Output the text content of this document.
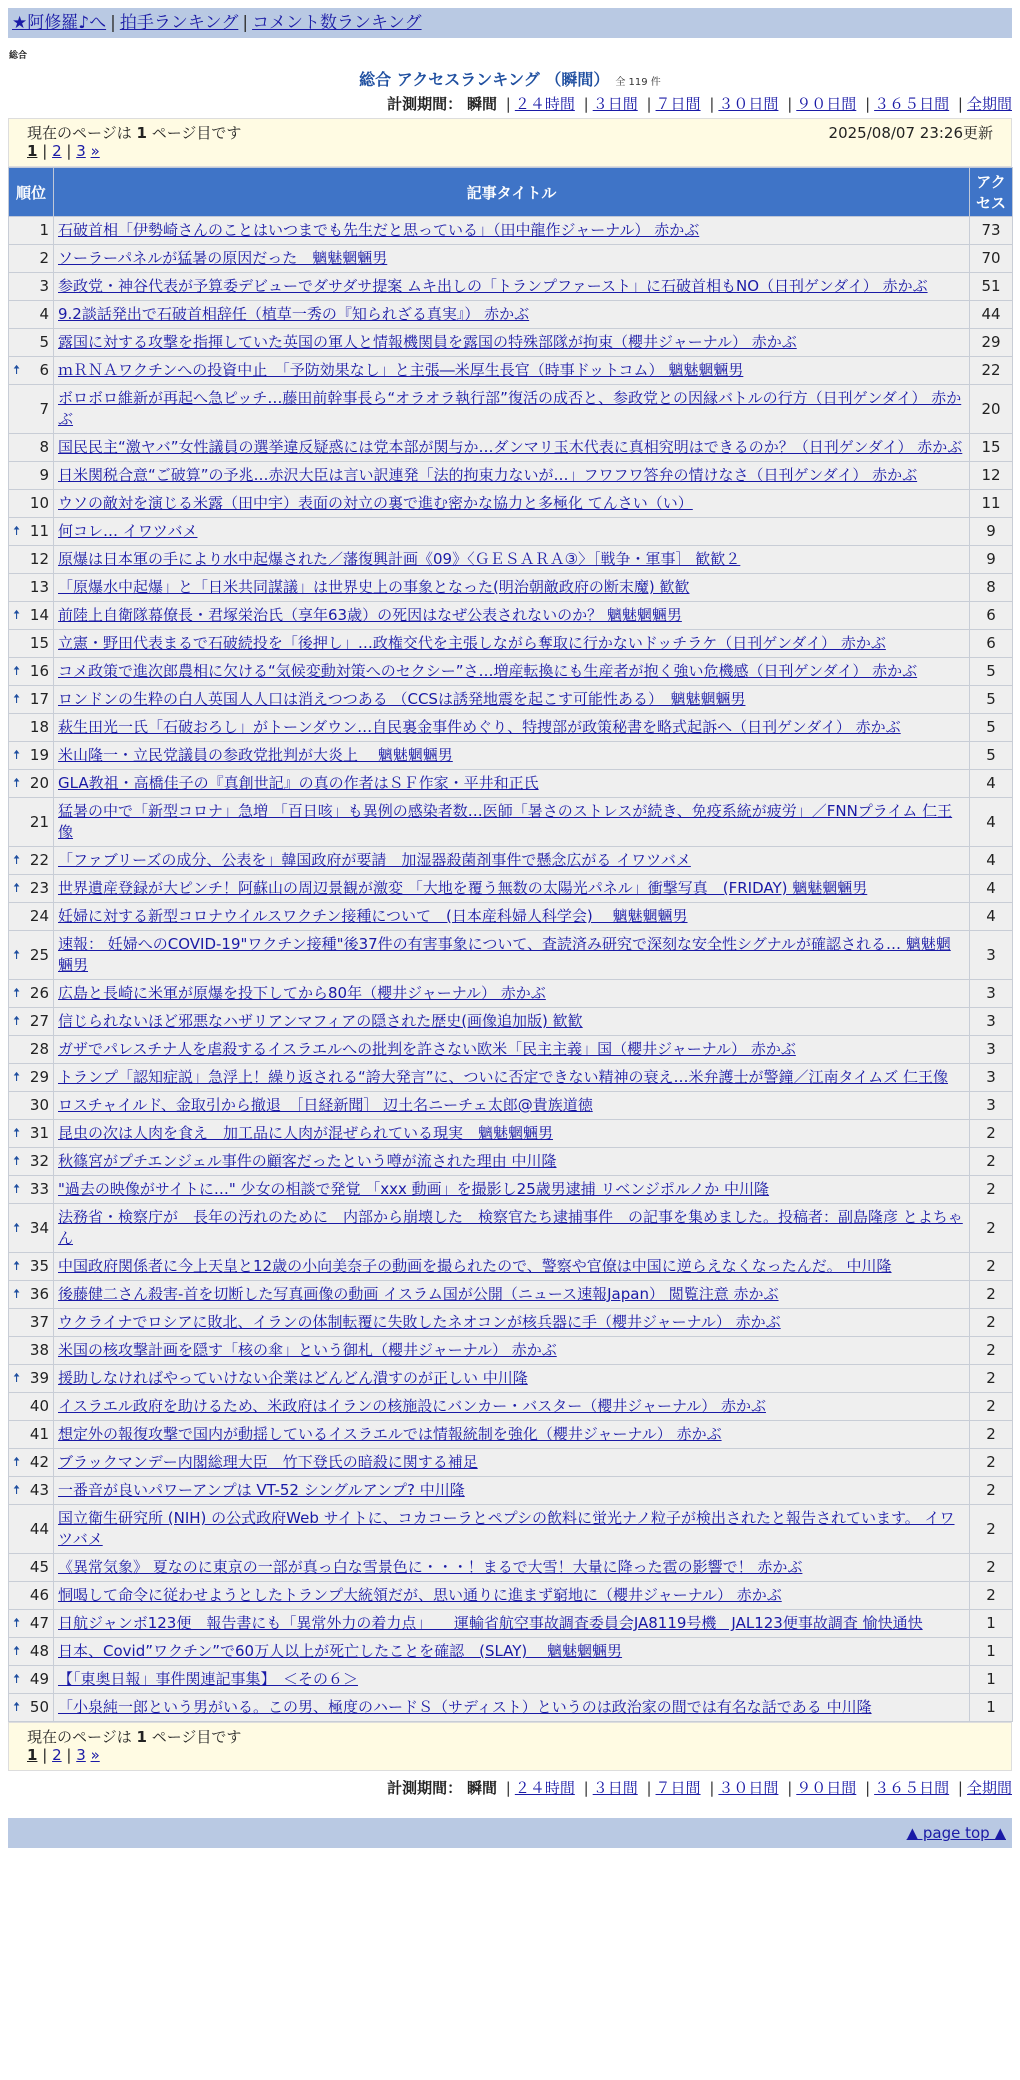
★阿修羅♪へ | 拍手ランキング | コメント数ランキング
総合
総合 アクセスランキング （瞬間） 全 119 件
計測期間： 瞬間 | ２４時間 | ３日間 | ７日間 | ３０日間 | ９０日間 | ３６５日間 | 全期間
現在のページは 1 ページ目です	2025/08/07 23:26更新
1 | 2 | 3 »
順位	記事タイトル	アクセス
1	石破首相「伊勢崎さんのことはいつまでも先生だと思っている」（田中龍作ジャーナル） 赤かぶ	73
2	ソーラーパネルが猛暑の原因だった　魑魅魍魎男	70
3	参政党・神谷代表が予算委デビューでダサダサ提案 ムキ出しの「トランプファースト」に石破首相もNO（日刊ゲンダイ） 赤かぶ	51
4	9.2談話発出で石破首相辞任（植草一秀の『知られざる真実』） 赤かぶ	44
5	露国に対する攻撃を指揮していた英国の軍人と情報機関員を露国の特殊部隊が拘束（櫻井ジャーナル） 赤かぶ	29

🠅 6	ｍＲＮＡワクチンへの投資中止　「予防効果なし」と主張―米厚生長官（時事ドットコム） 魑魅魍魎男	22
7	ボロボロ維新が再起へ急ピッチ…藤田前幹事長ら“オラオラ執行部”復活の成否と、参政党との因縁バトルの行方（日刊ゲンダイ） 赤かぶ	20
8	国民民主“激ヤバ”女性議員の選挙違反疑惑には党本部が関与か…ダンマリ玉木代表に真相究明はできるのか？（日刊ゲンダイ） 赤かぶ	15
9	日米関税合意“ご破算”の予兆…赤沢大臣は言い訳連発「法的拘束力ないが…」フワフワ答弁の情けなさ（日刊ゲンダイ） 赤かぶ	12
10	ウソの敵対を演じる米露（田中宇）表面の対立の裏で進む密かな協力と多極化 てんさい（い）	11

🠅 11	何コレ… イワツバメ	9
12	原爆は日本軍の手により水中起爆された／藩復興計画《09》〈ＧＥＳＡＲＡ③〉［戦争・軍事］ 歓歓２	9
13	「原爆水中起爆」と「日米共同謀議」は世界史上の事象となった(明治朝敵政府の断末魔) 歓歓	8

🠅 14	前陸上自衛隊幕僚長・君塚栄治氏（享年63歳）の死因はなぜ公表されないのか？ 魑魅魍魎男	6
15	立憲・野田代表まるで石破続投を「後押し」…政権交代を主張しながら奪取に行かないドッチラケ（日刊ゲンダイ） 赤かぶ	6

🠅 16	コメ政策で進次郎農相に欠ける“気候変動対策へのセクシー”さ…増産転換にも生産者が抱く強い危機感（日刊ゲンダイ） 赤かぶ	5

🠅 17	ロンドンの生粋の白人英国人人口は消えつつある （CCSは誘発地震を起こす可能性ある）　魑魅魍魎男	5
18	萩生田光一氏「石破おろし」がトーンダウン…自民裏金事件めぐり、特捜部が政策秘書を略式起訴へ（日刊ゲンダイ） 赤かぶ	5

🠅 19	米山隆一・立民党議員の参政党批判が大炎上　 魑魅魍魎男	5

🠅 20	GLA教祖・高橋佳子の『真創世記』の真の作者はＳＦ作家・平井和正氏	4
21	猛暑の中で「新型コロナ」急増 「百日咳」も異例の感染者数…医師「暑さのストレスが続き、免疫系統が疲労」／FNNプライム 仁王像	4

🠅 22	「ファブリーズの成分、公表を」韓国政府が要請　加湿器殺菌剤事件で懸念広がる イワツバメ	4

🠅 23	世界遺産登録が大ピンチ！阿蘇山の周辺景観が激変 「大地を覆う無数の太陽光パネル」衝撃写真　(FRIDAY) 魑魅魍魎男	4
24	妊婦に対する新型コロナウイルスワクチン接種について　(日本産科婦人科学会)　 魑魅魍魎男	4

🠅 25	速報： 妊婦へのCOVID-19"ワクチン接種"後37件の有害事象について、査読済み研究で深刻な安全性シグナルが確認される… 魑魅魍魎男	3

🠅 26	広島と長崎に米軍が原爆を投下してから80年（櫻井ジャーナル） 赤かぶ	3

🠅 27	信じられないほど邪悪なハザリアンマフィアの隠された歴史(画像追加版) 歓歓	3
28	ガザでパレスチナ人を虐殺するイスラエルへの批判を許さない欧米「民主主義」国（櫻井ジャーナル） 赤かぶ	3

🠅 29	トランプ「認知症説」急浮上！繰り返される“誇大発言”に、ついに否定できない精神の衰え…米弁護士が警鐘／江南タイムズ 仁王像	3
30	ロスチャイルド、金取引から撤退　［日経新聞］ 辺土名ニーチェ太郎@貴族道徳	3

🠅 31	昆虫の次は人肉を食え　加工品に人肉が混ぜられている現実　魑魅魍魎男	2

🠅 32	秋篠宮がプチエンジェル事件の顧客だったという噂が流された理由 中川隆	2

🠅 33	"過去の映像がサイトに…" 少女の相談で発覚 「xxx 動画」を撮影し25歳男逮捕 リベンジポルノか 中川隆	2

🠅 34	法務省・検察庁が　長年の汚れのために　内部から崩壊した　検察官たち逮捕事件　の記事を集めました。投稿者：副島隆彦 とよちゃん	2

🠅 35	中国政府関係者に今上天皇と12歳の小向美奈子の動画を撮られたので、警察や官僚は中国に逆らえなくなったんだ。 中川隆	2

🠅 36	後藤健二さん殺害-首を切断した写真画像の動画 イスラム国が公開（ニュース速報Japan） 閲覧注意 赤かぶ	2
37	ウクライナでロシアに敗北、イランの体制転覆に失敗したネオコンが核兵器に手（櫻井ジャーナル） 赤かぶ	2
38	米国の核攻撃計画を隠す「核の傘」という御札（櫻井ジャーナル） 赤かぶ	2

🠅 39	援助しなければやっていけない企業はどんどん潰すのが正しい 中川隆	2
40	イスラエル政府を助けるため、米政府はイランの核施設にバンカー・バスター（櫻井ジャーナル） 赤かぶ	2
41	想定外の報復攻撃で国内が動揺しているイスラエルでは情報統制を強化（櫻井ジャーナル） 赤かぶ	2

🠅 42	ブラックマンデー内閣総理大臣　竹下登氏の暗殺に関する補足	2

🠅 43	一番音が良いパワーアンプは VT-52 シングルアンプ? 中川隆	2
44	国立衛生研究所 (NIH) の公式政府Web サイトに、コカコーラとペプシの飲料に蛍光ナノ粒子が検出されたと報告されています。 イワツバメ	2
45	《異常気象》 夏なのに東京の一部が真っ白な雪景色に・・・！まるで大雪！大量に降った雹の影響で！ 赤かぶ	2
46	恫喝して命令に従わせようとしたトランプ大統領だが、思い通りに進まず窮地に（櫻井ジャーナル） 赤かぶ	2

🠅 47	日航ジャンボ123便　報告書にも「異常外力の着力点」　　運輸省航空事故調査委員会JA8119号機　JAL123便事故調査 愉快通快	1

🠅 48	日本、Covid”ワクチン”で60万人以上が死亡したことを確認　(SLAY)　 魑魅魍魎男	1

🠅 49	【「東奥日報」事件関連記事集】　＜その６＞	1

🠅 50	「小泉純一郎という男がいる。この男、極度のハードＳ（サディスト）というのは政治家の間では有名な話である 中川隆	1
現在のページは 1 ページ目です
1 | 2 | 3 »
計測期間： 瞬間 | ２４時間 | ３日間 | ７日間 | ３０日間 | ９０日間 | ３６５日間 | 全期間
▲ page top ▲
